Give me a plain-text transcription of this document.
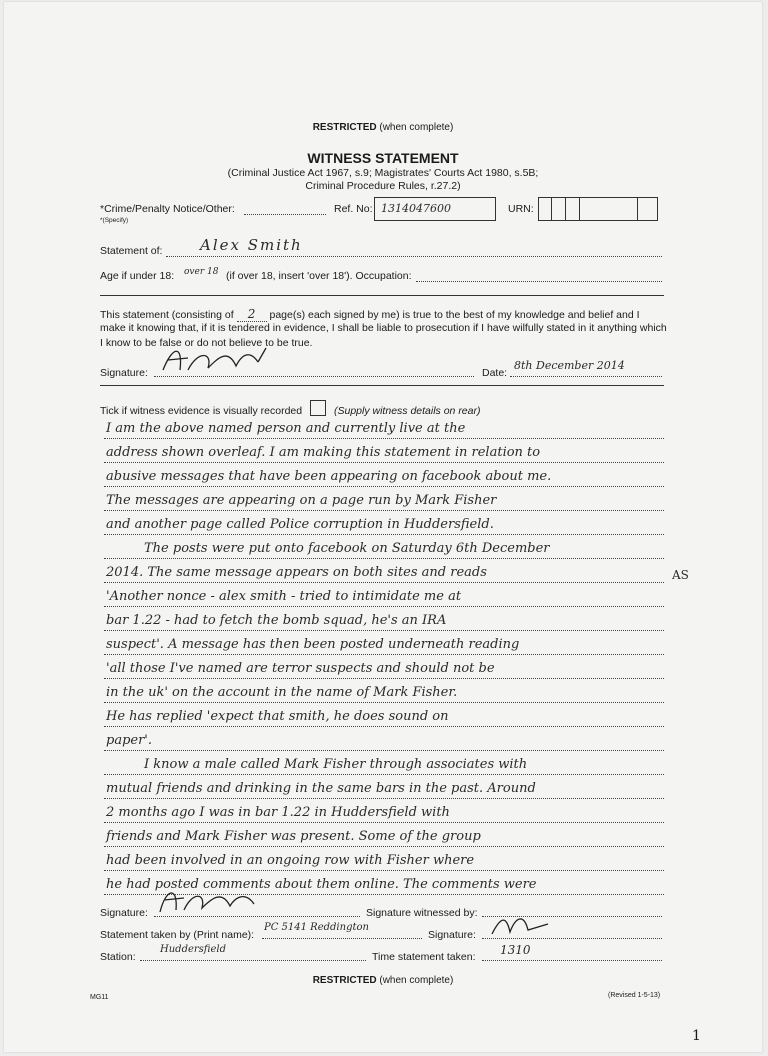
RESTRICTED (when complete)
WITNESS STATEMENT
(Criminal Justice Act 1967, s.9; Magistrates' Courts Act 1980, s.5B;
Criminal Procedure Rules, r.27.2)
*Crime/Penalty Notice/Other:
*(Specify)
Ref. No: 1314047600	URN:
Statement of:	Alex Smith
Age if under 18: over 18 (if over 18, insert 'over 18'). Occupation:
This statement (consisting of 2 page(s) each signed by me) is true to the best of my knowledge and belief and I
make it knowing that, if it is tendered in evidence, I shall be liable to prosecution if I have wilfully stated in it anything which
I know to be false or do not believe to be true.
Signature:	Date:
8th December 2014
Tick if witness evidence is visually recorded	(Supply witness details on rear)
I am the above named person and currently live at the
address shown overleaf. I am making this statement in relation to
abusive messages that have been appearing on facebook about me.
The messages are appearing on a page run by Mark Fisher
and another page called Police corruption in Huddersfield.
The posts were put onto facebook on Saturday 6th December
2014. The same message appears on both sites and reads
'Another nonce - alex smith - tried to intimidate me at
bar 1.22 - had to fetch the bomb squad, he's an IRA
suspect'. A message has then been posted underneath reading
'all those I've named are terror suspects and should not be
in the uk' on the account in the name of Mark Fisher.
He has replied 'expect that smith, he does sound on
paper'.
I know a male called Mark Fisher through associates with
mutual friends and drinking in the same bars in the past. Around
2 months ago I was in bar 1.22 in Huddersfield with
friends and Mark Fisher was present. Some of the group
had been involved in an ongoing row with Fisher where
he had posted comments about them online. The comments were
AS
Signature:	Signature witnessed by:
Statement taken by (Print name):
PC 5141 Reddington
Signature:
Station:
Huddersfield
Time statement taken: 1310
RESTRICTED (when complete)
MG11	(Revised 1-5-13)
1
